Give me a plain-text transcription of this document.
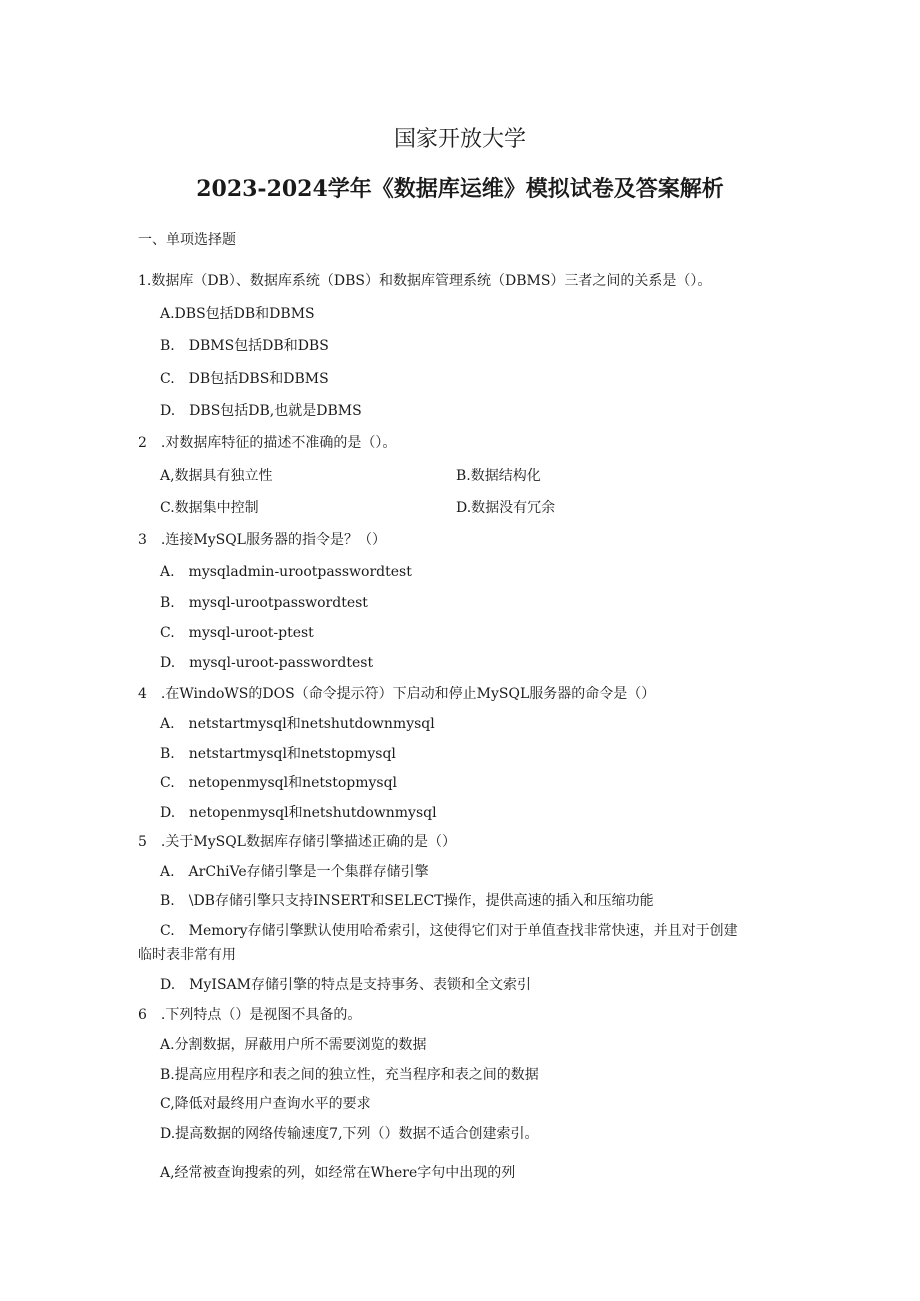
国家开放大学
2023-2024学年《数据库运维》模拟试卷及答案解析
一、单项选择题
1.数据库（DB）、数据库系统（DBS）和数据库管理系统（DBMS）三者之间的关系是（）。
A.DBS包括DB和DBMS
B.　DBMS包括DB和DBS
C.　DB包括DBS和DBMS
D.　DBS包括DB,也就是DBMS
2　.对数据库特征的描述不准确的是（）。
A,数据具有独立性	B.数据结构化
C.数据集中控制	D.数据没有冗余
3　.连接MySQL服务器的指令是？（）
A.　mysqladmin-urootpasswordtest
B.　mysql-urootpasswordtest
C.　mysql-uroot-ptest
D.　mysql-uroot-passwordtest
4　.在WindoWS的DOS（命令提示符）下启动和停止MySQL服务器的命令是（）
A.　netstartmysql和netshutdownmysql
B.　netstartmysql和netstopmysql
C.　netopenmysql和netstopmysql
D.　netopenmysql和netshutdownmysql
5　.关于MySQL数据库存储引擎描述正确的是（）
A.　ArChiVe存储引擎是一个集群存储引擎
B.　\DB存储引擎只支持INSERT和SELECT操作，提供高速的插入和压缩功能
C.　Memory存储引擎默认使用哈希索引，这使得它们对于单值查找非常快速，并且对于创建
临时表非常有用
D.　MyISAM存储引擎的特点是支持事务、表锁和全文索引
6　.下列特点（）是视图不具备的。
A.分割数据，屏蔽用户所不需要浏览的数据
B.提高应用程序和表之间的独立性，充当程序和表之间的数据
C,降低对最终用户查询水平的要求
D.提高数据的网络传输速度7,下列（）数据不适合创建索引。
A,经常被查询搜索的列，如经常在Where字句中出现的列
